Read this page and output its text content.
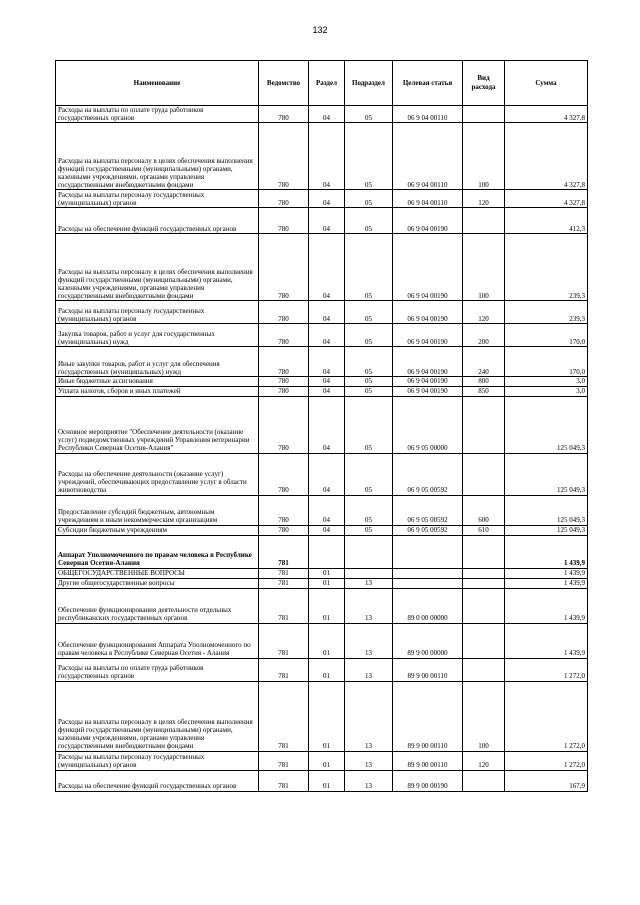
132
Наименование	Ведомство	Раздел	Подраздел	Целевая статья	Вид расхода	Сумма
Расходы на выплаты по оплате труда работников государственных органов	780	04	05	06 9 04 00110		4 327,8
Расходы на выплаты персоналу в целях обеспечения выполнения функций государственными (муниципальными) органами, казенными учреждениями, органами управления государственными внебюджетными фондами	780	04	05	06 9 04 00110	100	4 327,8
Расходы на выплаты персоналу государственных (муниципальных) органов	780	04	05	06 9 04 00110	120	4 327,8
Расходы на обеспечение функций государственных органов	780	04	05	06 9 04 00190		412,3
Расходы на выплаты персоналу в целях обеспечения выполнения функций государственными (муниципальными) органами, казенными учреждениями, органами управления государственными внебюджетными фондами	780	04	05	06 9 04 00190	100	239,3
Расходы на выплаты персоналу государственных (муниципальных) органов	780	04	05	06 9 04 00190	120	239,3
Закупка товаров, работ и услуг для государственных (муниципальных) нужд	780	04	05	06 9 04 00190	200	170,0
Иные закупки товаров, работ и услуг для обеспечения государственных (муниципальных) нужд	780	04	05	06 9 04 00190	240	170,0
Иные бюджетные ассигнования	780	04	05	06 9 04 00190	800	3,0
Уплата налогов, сборов и иных платежей	780	04	05	06 9 04 00190	850	3,0
Основное мероприятие "Обеспечение деятельности (оказание услуг) подведомственных учреждений Управления ветеринарии Республики Северная Осетия-Алания"	780	04	05	06 9 05 00000		125 049,3
Расходы на обеспечение деятельности (оказание услуг) учреждений, обеспечивающих предоставление услуг в области животноводства	780	04	05	06 9 05 00592		125 049,3
Предоставление субсидий бюджетным, автономным учреждениям и иным некоммерческим организациям	780	04	05	06 9 05 00592	600	125 049,3
Субсидии бюджетным учреждениям	780	04	05	06 9 05 00592	610	125 049,3
Аппарат Уполномоченного по правам человека в Республике Северная Осетия-Алания	781					1 439,9
ОБЩЕГОСУДАРСТВЕННЫЕ ВОПРОСЫ	781	01				1 439,9
Другие общегосударственные вопросы	781	01	13			1 439,9
Обеспечение функционирования деятельности отдельных республиканских государственных органов	781	01	13	89 0 00 00000		1 439,9
Обеспечение функционирования Аппарата Уполномоченного по правам человека в Республике Северная Осетия - Алания	781	01	13	89 9 00 00000		1 439,9
Расходы на выплаты по оплате труда работников государственных органов	781	01	13	89 9 00 00110		1 272,0
Расходы на выплаты персоналу в целях обеспечения выполнения функций государственными (муниципальными) органами, казенными учреждениями, органами управления государственными внебюджетными фондами	781	01	13	89 9 00 00110	100	1 272,0
Расходы на выплаты персоналу государственных (муниципальных) органов	781	01	13	89 9 00 00110	120	1 272,0
Расходы на обеспечение функций государственных органов	781	01	13	89 9 00 00190		167,9
